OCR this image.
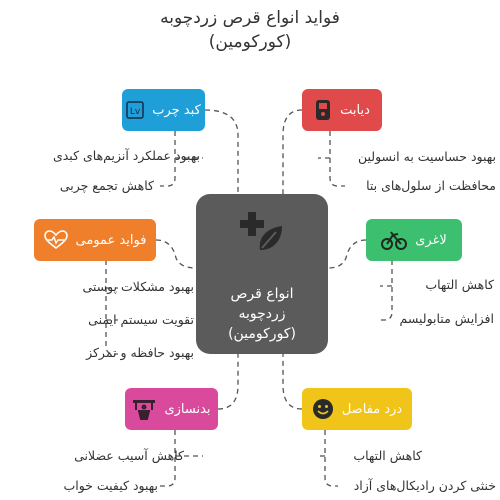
فواید انواع قرص زردچوبه
(کورکومین)
انواع قرص
زردچوبه
(کورکومین)
کبد چرب
Lv
بهبود عملکرد آنزیم‌های کبدی
کاهش تجمع چربی
دیابت
بهبود حساسیت به انسولین
محافظت از سلول‌های بتا
فواید عمومی
بهبود مشکلات پوستی
تقویت سیستم ایمنی
بهبود حافظه و تمرکز
لاغری
کاهش التهاب
افزایش متابولیسم
بدنسازی
کاهش آسیب عضلانی
بهبود کیفیت خواب
درد مفاصل
کاهش التهاب
خنثی کردن رادیکال‌های آزاد
